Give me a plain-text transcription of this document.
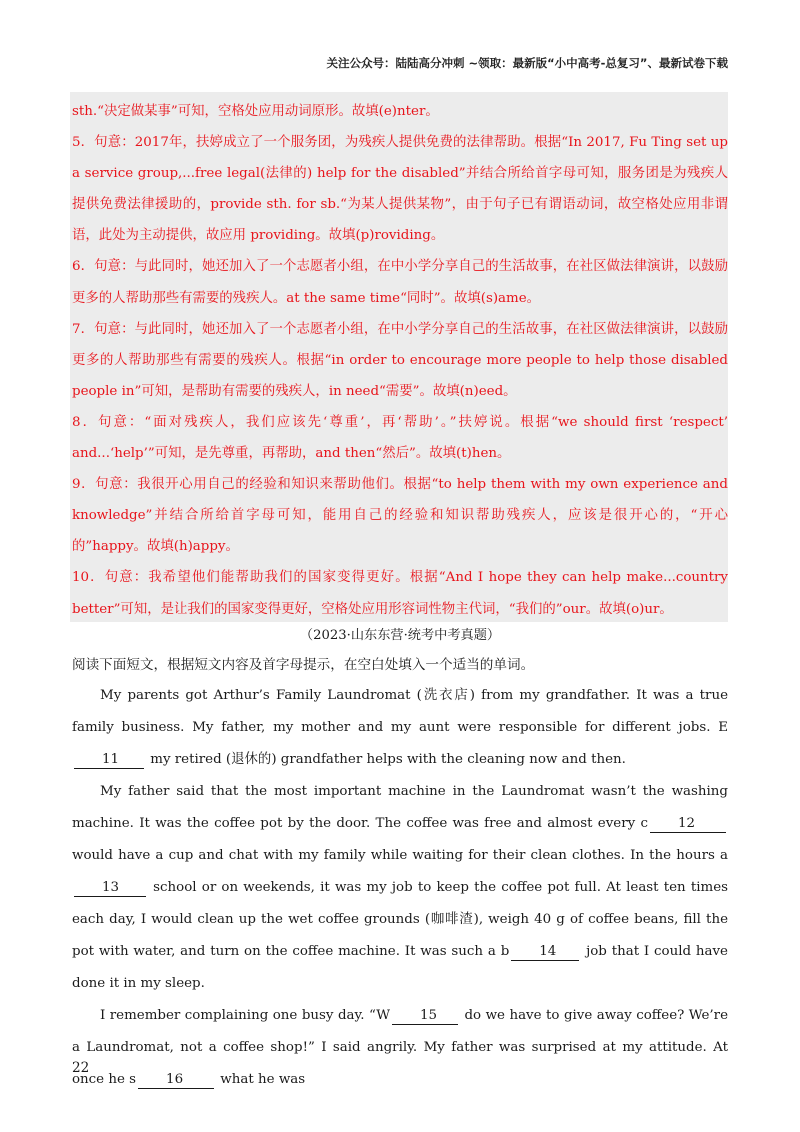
关注公众号：陆陆高分冲刺 ~领取：最新版“小中高考-总复习”、最新试卷下载

sth.“决定做某事”可知，空格处应用动词原形。故填(e)nter。

5．句意：2017年，扶婷成立了一个服务团，为残疾人提供免费的法律帮助。根据“In 2017, Fu Ting set up a service group,...free legal(法律的) help for the disabled”并结合所给首字母可知，服务团是为残疾人提供免费法律援助的，provide sth. for sb.“为某人提供某物”，由于句子已有谓语动词，故空格处应用非谓语，此处为主动提供，故应用 providing。故填(p)roviding。

6．句意：与此同时，她还加入了一个志愿者小组，在中小学分享自己的生活故事，在社区做法律演讲，以鼓励更多的人帮助那些有需要的残疾人。at the same time“同时”。故填(s)ame。

7．句意：与此同时，她还加入了一个志愿者小组，在中小学分享自己的生活故事，在社区做法律演讲，以鼓励更多的人帮助那些有需要的残疾人。根据“in order to encourage more people to help those disabled people in”可知，是帮助有需要的残疾人，in need“需要”。故填(n)eed。

8．句意：“面对残疾人，我们应该先‘尊重’，再‘帮助’。”扶婷说。根据“we should first ‘respect’ and...‘help’”可知，是先尊重，再帮助，and then“然后”。故填(t)hen。

9．句意：我很开心用自己的经验和知识来帮助他们。根据“to help them with my own experience and knowledge”并结合所给首字母可知，能用自己的经验和知识帮助残疾人，应该是很开心的，“开心的”happy。故填(h)appy。

10．句意：我希望他们能帮助我们的国家变得更好。根据“And I hope they can help make...country better”可知，是让我们的国家变得更好，空格处应用形容词性物主代词，“我们的”our。故填(o)ur。

（2023·山东东营·统考中考真题）
阅读下面短文，根据短文内容及首字母提示，在空白处填入一个适当的单词。

My parents got Arthur’s Family Laundromat (洗衣店) from my grandfather. It was a true family business. My father, my mother and my aunt were responsible for different jobs. E11 my retired (退休的) grandfather helps with the cleaning now and then.

My father said that the most important machine in the Laundromat wasn’t the washing machine. It was the coffee pot by the door. The coffee was free and almost every c 12 would have a cup and chat with my family while waiting for their clean clothes. In the hours a13 school or on weekends, it was my job to keep the coffee pot full. At least ten times each day, I would clean up the wet coffee grounds (咖啡渣), weigh 40 g of coffee beans, fill the pot with water, and turn on the coffee machine. It was such a b 14 job that I could have done it in my sleep.

I remember complaining one busy day. “W 15 do we have to give away coffee? We’re a Laundromat, not a coffee shop!” I said angrily. My father was surprised at my attitude. At once he s 16 what he was

22
